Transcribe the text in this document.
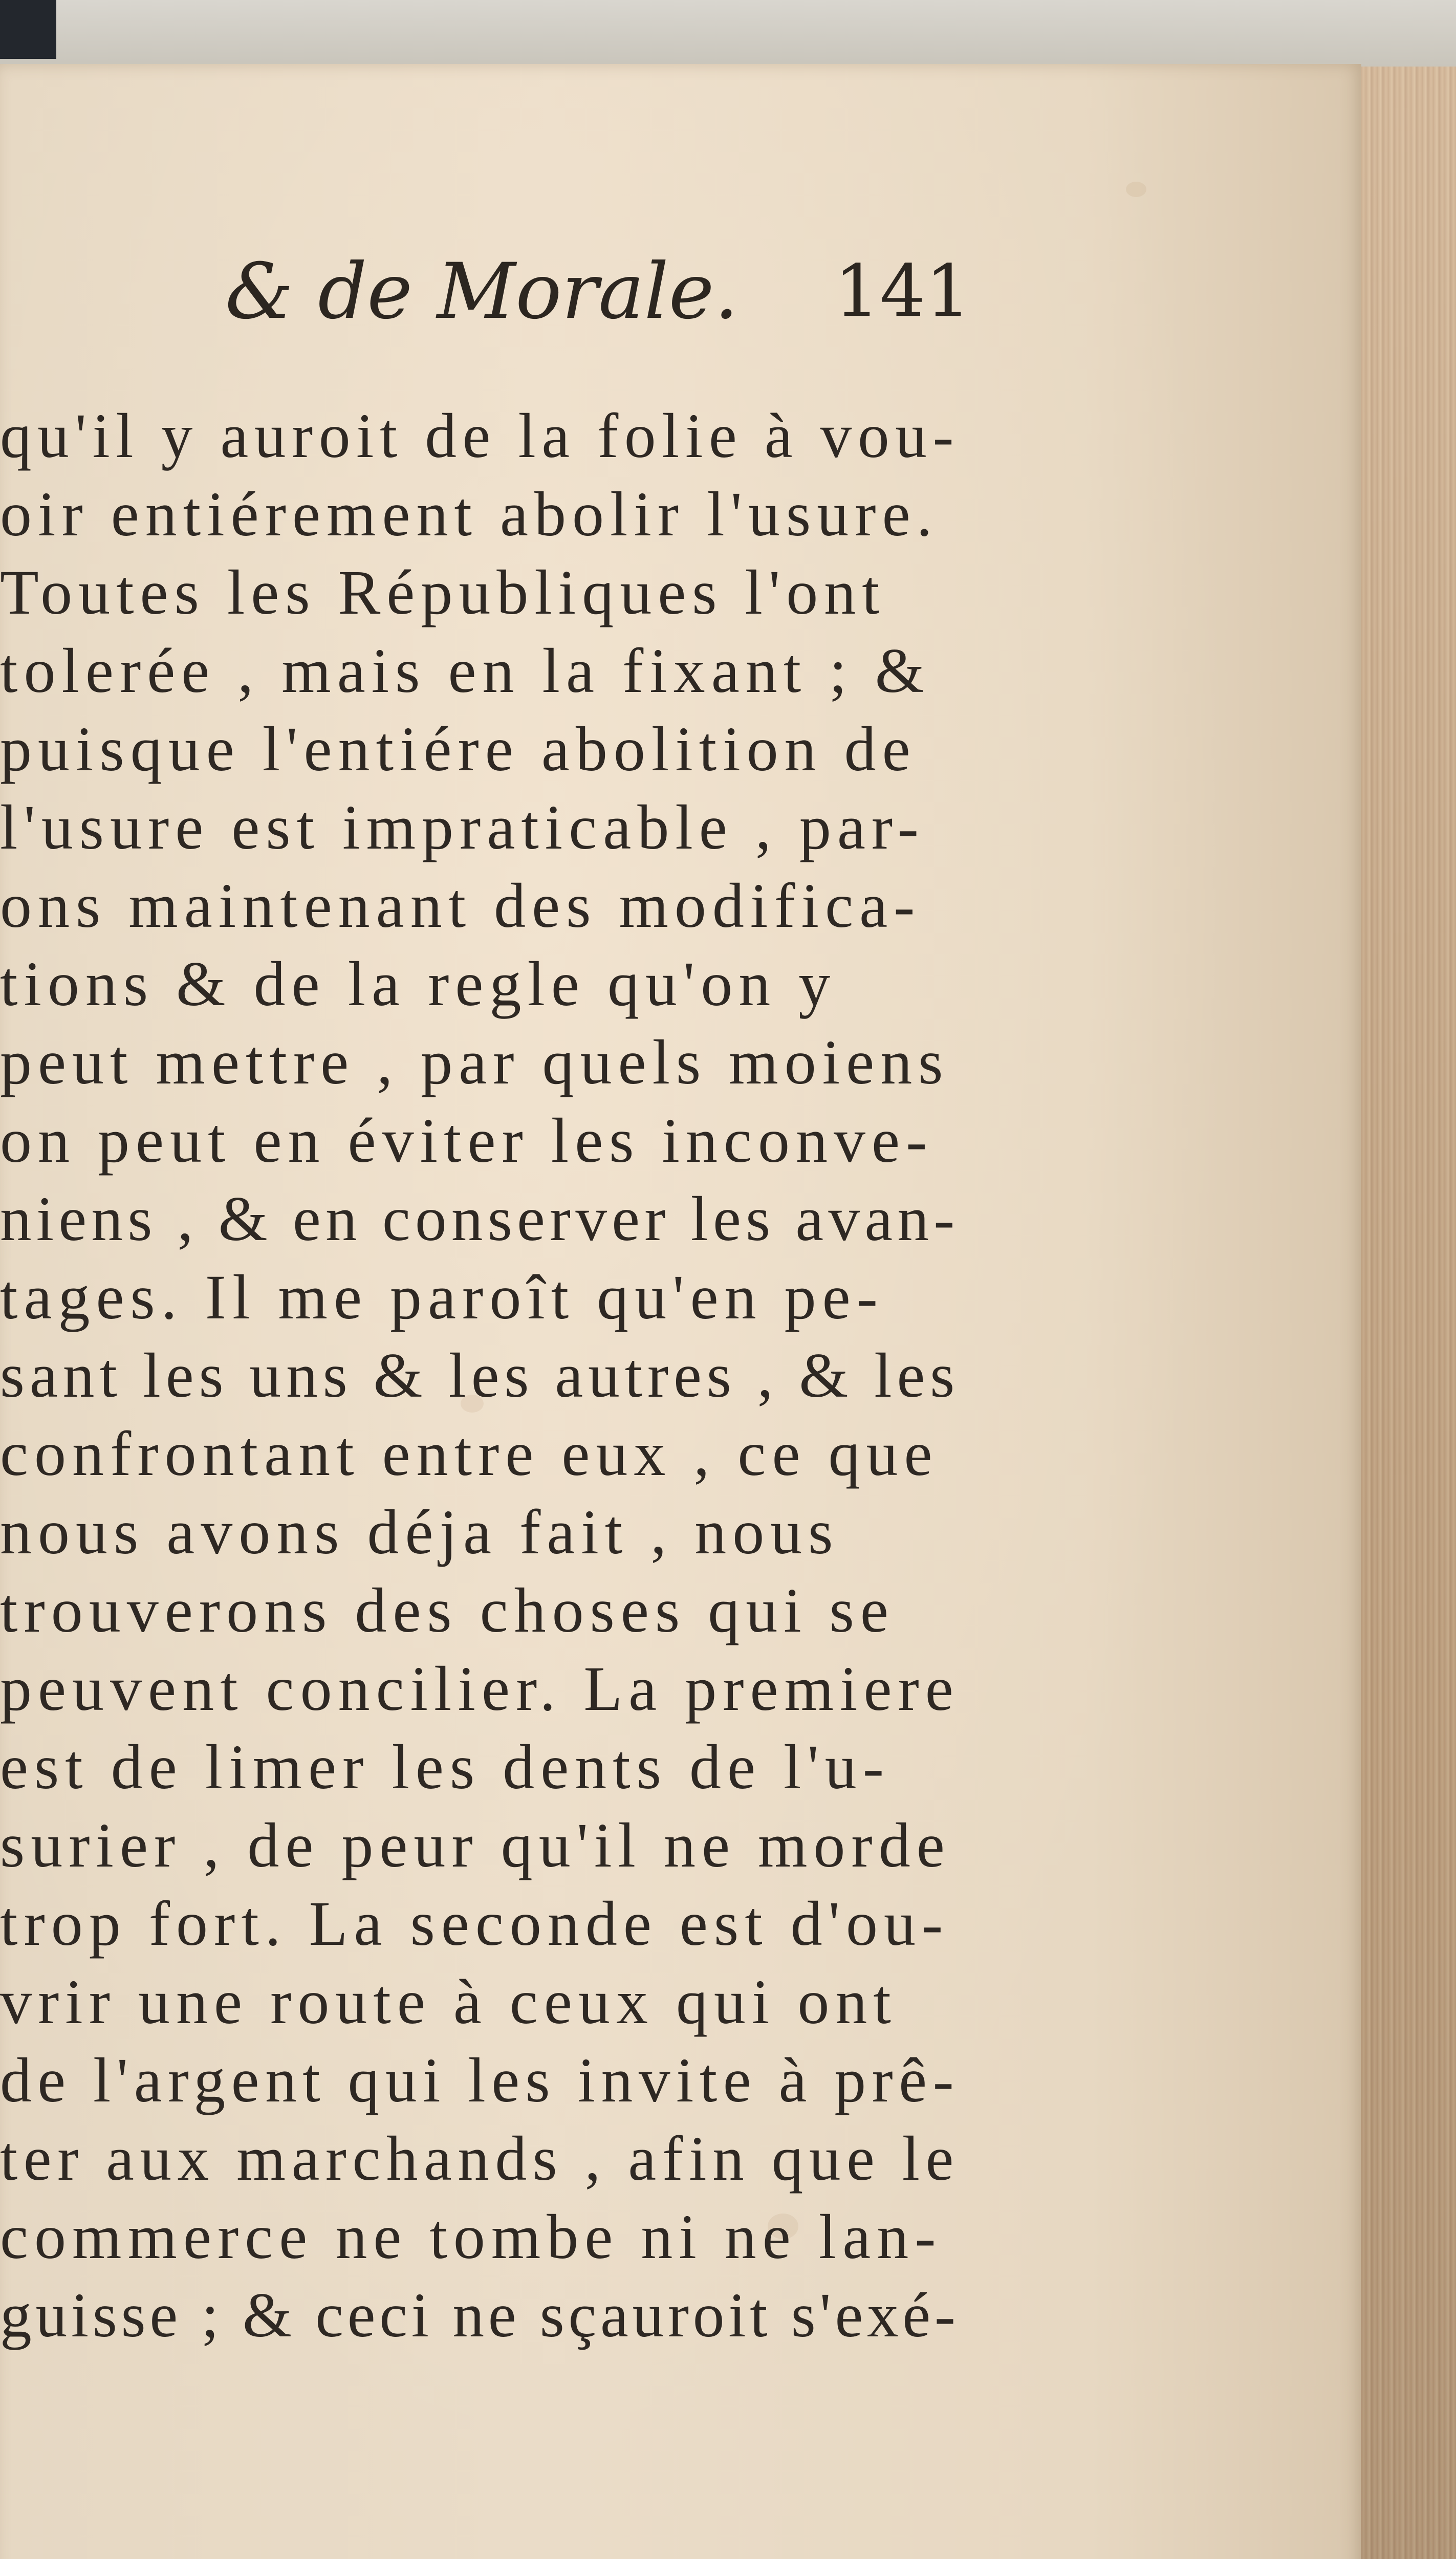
& de Morale. 141
qu'il y auroit de la folie à vou-
oir entiérement abolir l'usure.
Toutes les Républiques l'ont
tolerée , mais en la fixant ; &
puisque l'entiére abolition de
l'usure est impraticable , par-
ons maintenant des modifica-
tions & de la regle qu'on y
peut mettre , par quels moiens
on peut en éviter les inconve-
niens , & en conserver les avan-
tages. Il me paroît qu'en pe-
sant les uns & les autres , & les
confrontant entre eux , ce que
nous avons déja fait , nous
trouverons des choses qui se
peuvent concilier. La premiere
est de limer les dents de l'u-
surier , de peur qu'il ne morde
trop fort. La seconde est d'ou-
vrir une route à ceux qui ont
de l'argent qui les invite à prê-
ter aux marchands , afin que le
commerce ne tombe ni ne lan-
guisse ; & ceci ne sçauroit s'exé-
